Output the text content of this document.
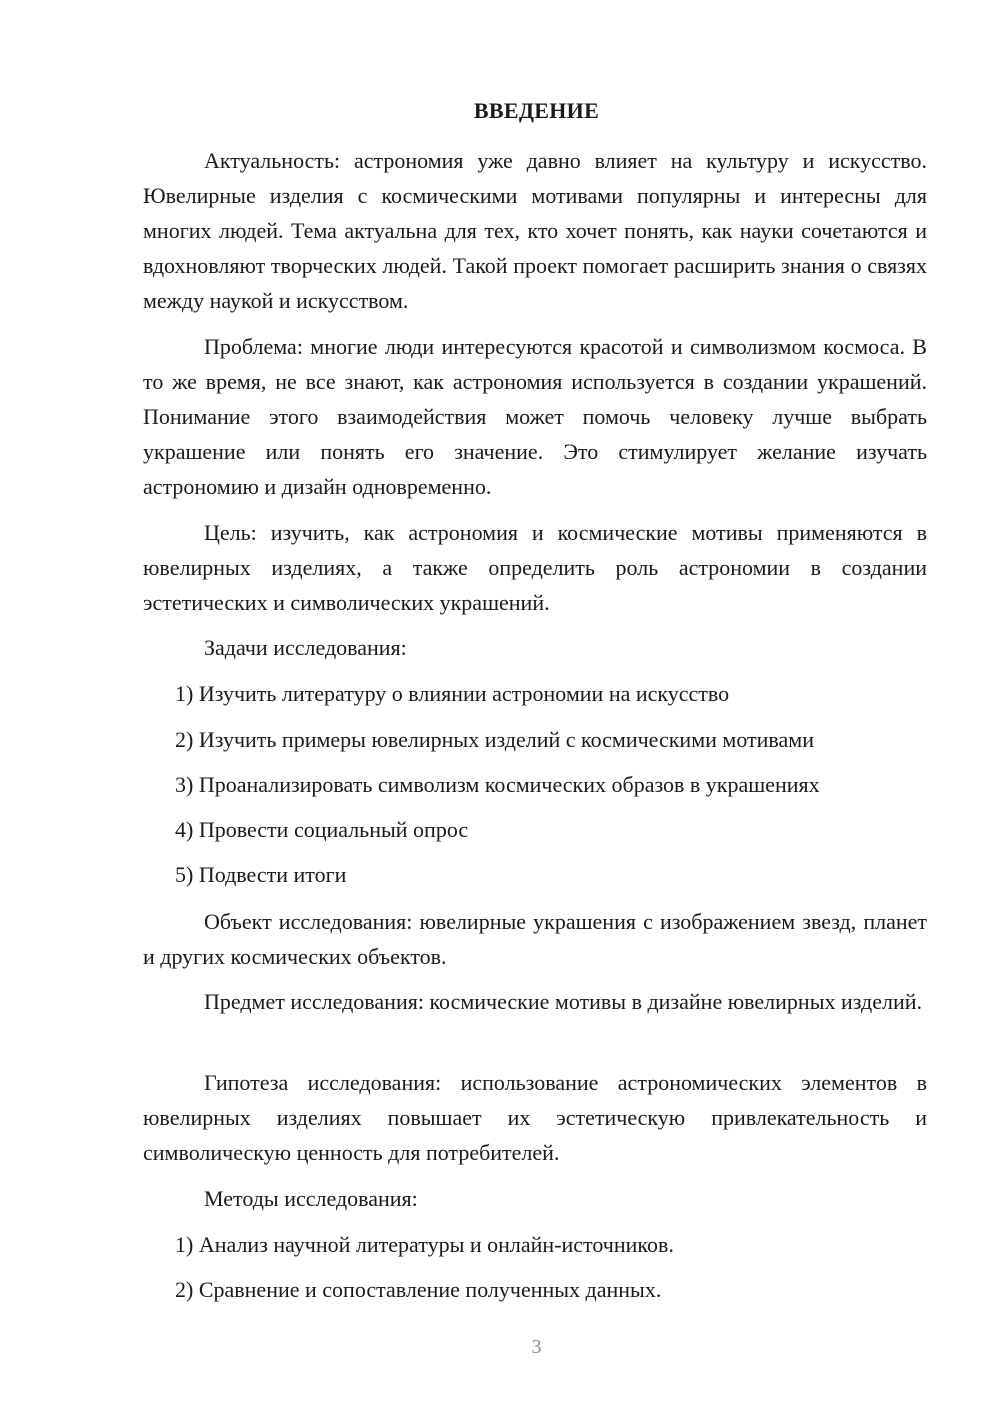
ВВЕДЕНИЕ

Актуальность: астрономия уже давно влияет на культуру и искусство. Ювелирные изделия с космическими мотивами популярны и интересны для многих людей. Тема актуальна для тех, кто хочет понять, как науки сочетаются и вдохновляют творческих людей. Такой проект помогает расширить знания о связях между наукой и искусством.

Проблема: многие люди интересуются красотой и символизмом космоса. В то же время, не все знают, как астрономия используется в создании украшений. Понимание этого взаимодействия может помочь человеку лучше выбрать украшение или понять его значение. Это стимулирует желание изучать астрономию и дизайн одновременно.

Цель: изучить, как астрономия и космические мотивы применяются в ювелирных изделиях, а также определить роль астрономии в создании эстетических и символических украшений.

Задачи исследования:

1) Изучить литературу о влиянии астрономии на искусство

2) Изучить примеры ювелирных изделий с космическими мотивами

3) Проанализировать символизм космических образов в украшениях

4) Провести социальный опрос

5) Подвести итоги

Объект исследования: ювелирные украшения с изображением звезд, планет и других космических объектов.

Предмет исследования: космические мотивы в дизайне ювелирных изделий.

Гипотеза исследования: использование астрономических элементов в ювелирных изделиях повышает их эстетическую привлекательность и символическую ценность для потребителей.

Методы исследования:

1) Анализ научной литературы и онлайн-источников.

2) Сравнение и сопоставление полученных данных.

3
